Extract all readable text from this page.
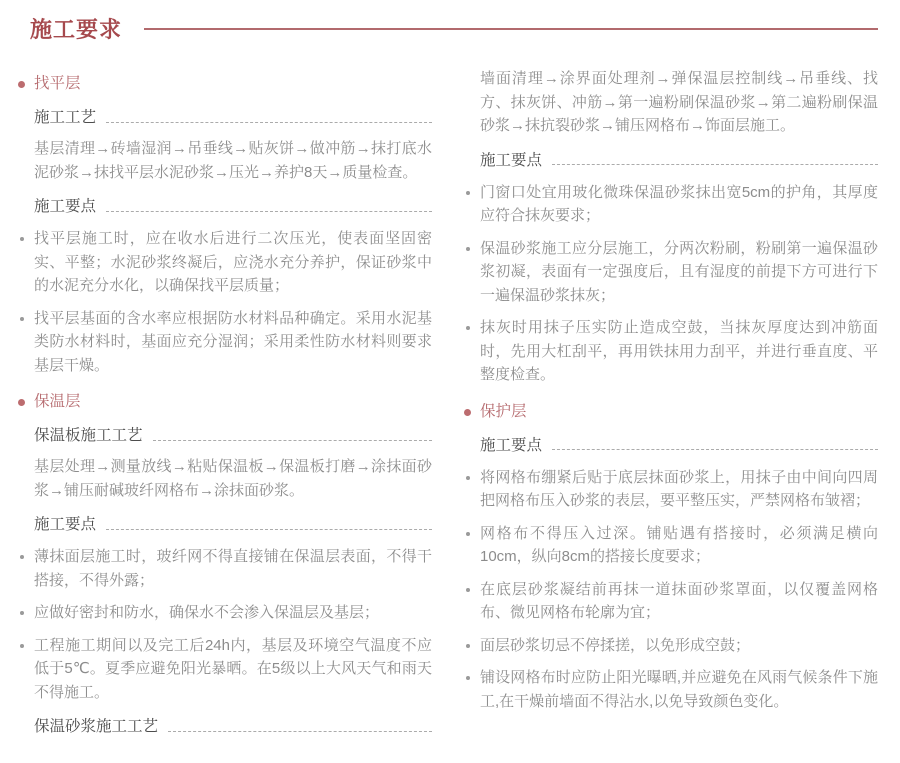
施工要求
找平层
施工工艺
基层清理→砖墙湿润→吊垂线→贴灰饼→做冲筋→抹打底水泥砂浆→抹找平层水泥砂浆→压光→养护8天→质量检查。
施工要点
找平层施工时，应在收水后进行二次压光，使表面坚固密实、平整；水泥砂浆终凝后，应浇水充分养护，保证砂浆中的水泥充分水化，以确保找平层质量；
找平层基面的含水率应根据防水材料品种确定。采用水泥基类防水材料时，基面应充分湿润；采用柔性防水材料则要求基层干燥。
保温层
保温板施工工艺
基层处理→测量放线→粘贴保温板→保温板打磨→涂抹面砂浆→铺压耐碱玻纤网格布→涂抹面砂浆。
施工要点
薄抹面层施工时，玻纤网不得直接铺在保温层表面，不得干搭接，不得外露；
应做好密封和防水，确保水不会渗入保温层及基层；
工程施工期间以及完工后24h内，基层及环境空气温度不应低于5℃。夏季应避免阳光暴晒。在5级以上大风天气和雨天不得施工。
保温砂浆施工工艺
墙面清理→涂界面处理剂→弹保温层控制线→吊垂线、找方、抹灰饼、冲筋→第一遍粉刷保温砂浆→第二遍粉刷保温砂浆→抹抗裂砂浆→铺压网格布→饰面层施工。
施工要点
门窗口处宜用玻化微珠保温砂浆抹出宽5cm的护角，其厚度应符合抹灰要求；
保温砂浆施工应分层施工，分两次粉刷，粉刷第一遍保温砂浆初凝，表面有一定强度后，且有湿度的前提下方可进行下一遍保温砂浆抹灰；
抹灰时用抹子压实防止造成空鼓，当抹灰厚度达到冲筋面时，先用大杠刮平，再用铁抹用力刮平，并进行垂直度、平整度检查。
保护层
施工要点
将网格布绷紧后贴于底层抹面砂浆上，用抹子由中间向四周把网格布压入砂浆的表层，要平整压实，严禁网格布皱褶；
网格布不得压入过深。铺贴遇有搭接时，必须满足横向10cm，纵向8cm的搭接长度要求；
在底层砂浆凝结前再抹一道抹面砂浆罩面，以仅覆盖网格布、微见网格布轮廓为宜；
面层砂浆切忌不停揉搓，以免形成空鼓；
铺设网格布时应防止阳光曝晒,并应避免在风雨气候条件下施工,在干燥前墙面不得沾水,以免导致颜色变化。
